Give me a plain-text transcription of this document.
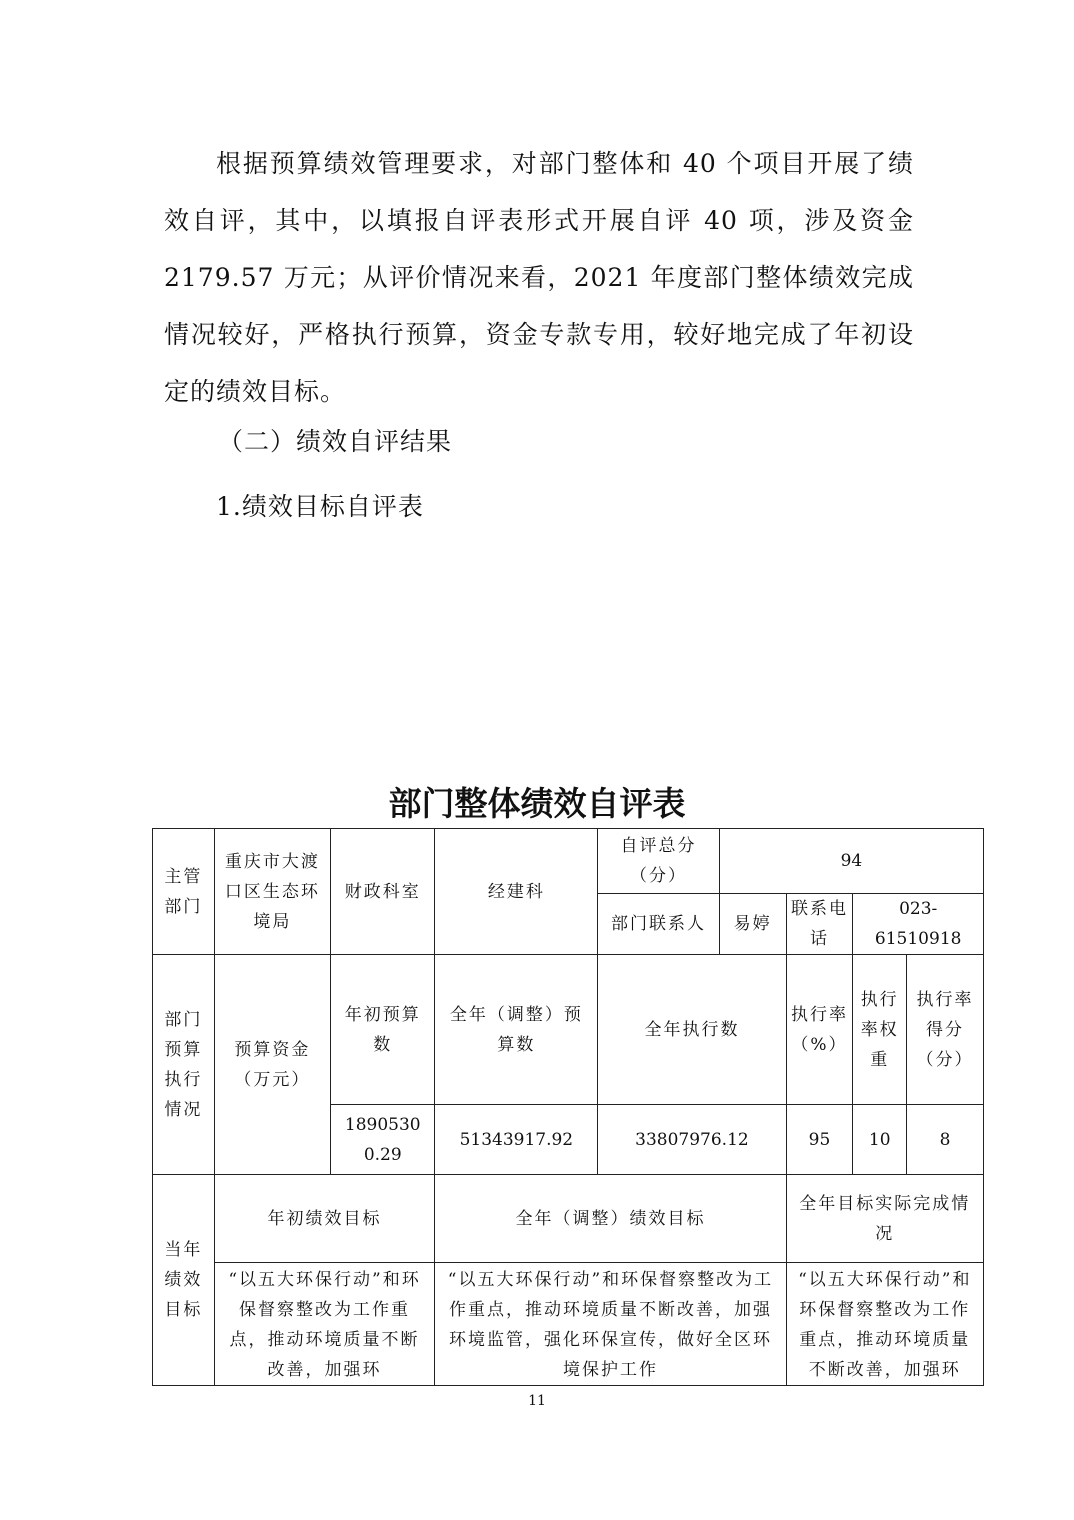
根据预算绩效管理要求，对部门整体和 40 个项目开展了绩效自评，其中，以填报自评表形式开展自评 40 项，涉及资金 2179.57 万元；从评价情况来看，2021 年度部门整体绩效完成情况较好，严格执行预算，资金专款专用，较好地完成了年初设定的绩效目标。

（二）绩效自评结果

1.绩效目标自评表

部门整体绩效自评表

主管部门	重庆市大渡口区生态环境局	财政科室	经建科	自评总分（分）	94			
				部门联系人	易婷	联系电话	023-61510918	
部门预算执行情况	预算资金（万元）	年初预算数	全年（调整）预算数	全年执行数		执行率（%）	执行率权重	执行率得分（分）
		18905300.29	51343917.92	33807976.12		95	10	8
当年绩效目标	年初绩效目标		全年（调整）绩效目标			全年目标实际完成情况		
	“以五大环保行动”和环保督察整改为工作重点，推动环境质量不断改善，加强环		“以五大环保行动”和环保督察整改为工作重点，推动环境质量不断改善，加强环境监管，强化环保宣传，做好全区环境保护工作			“以五大环保行动”和环保督察整改为工作重点，推动环境质量不断改善，加强环		
11
